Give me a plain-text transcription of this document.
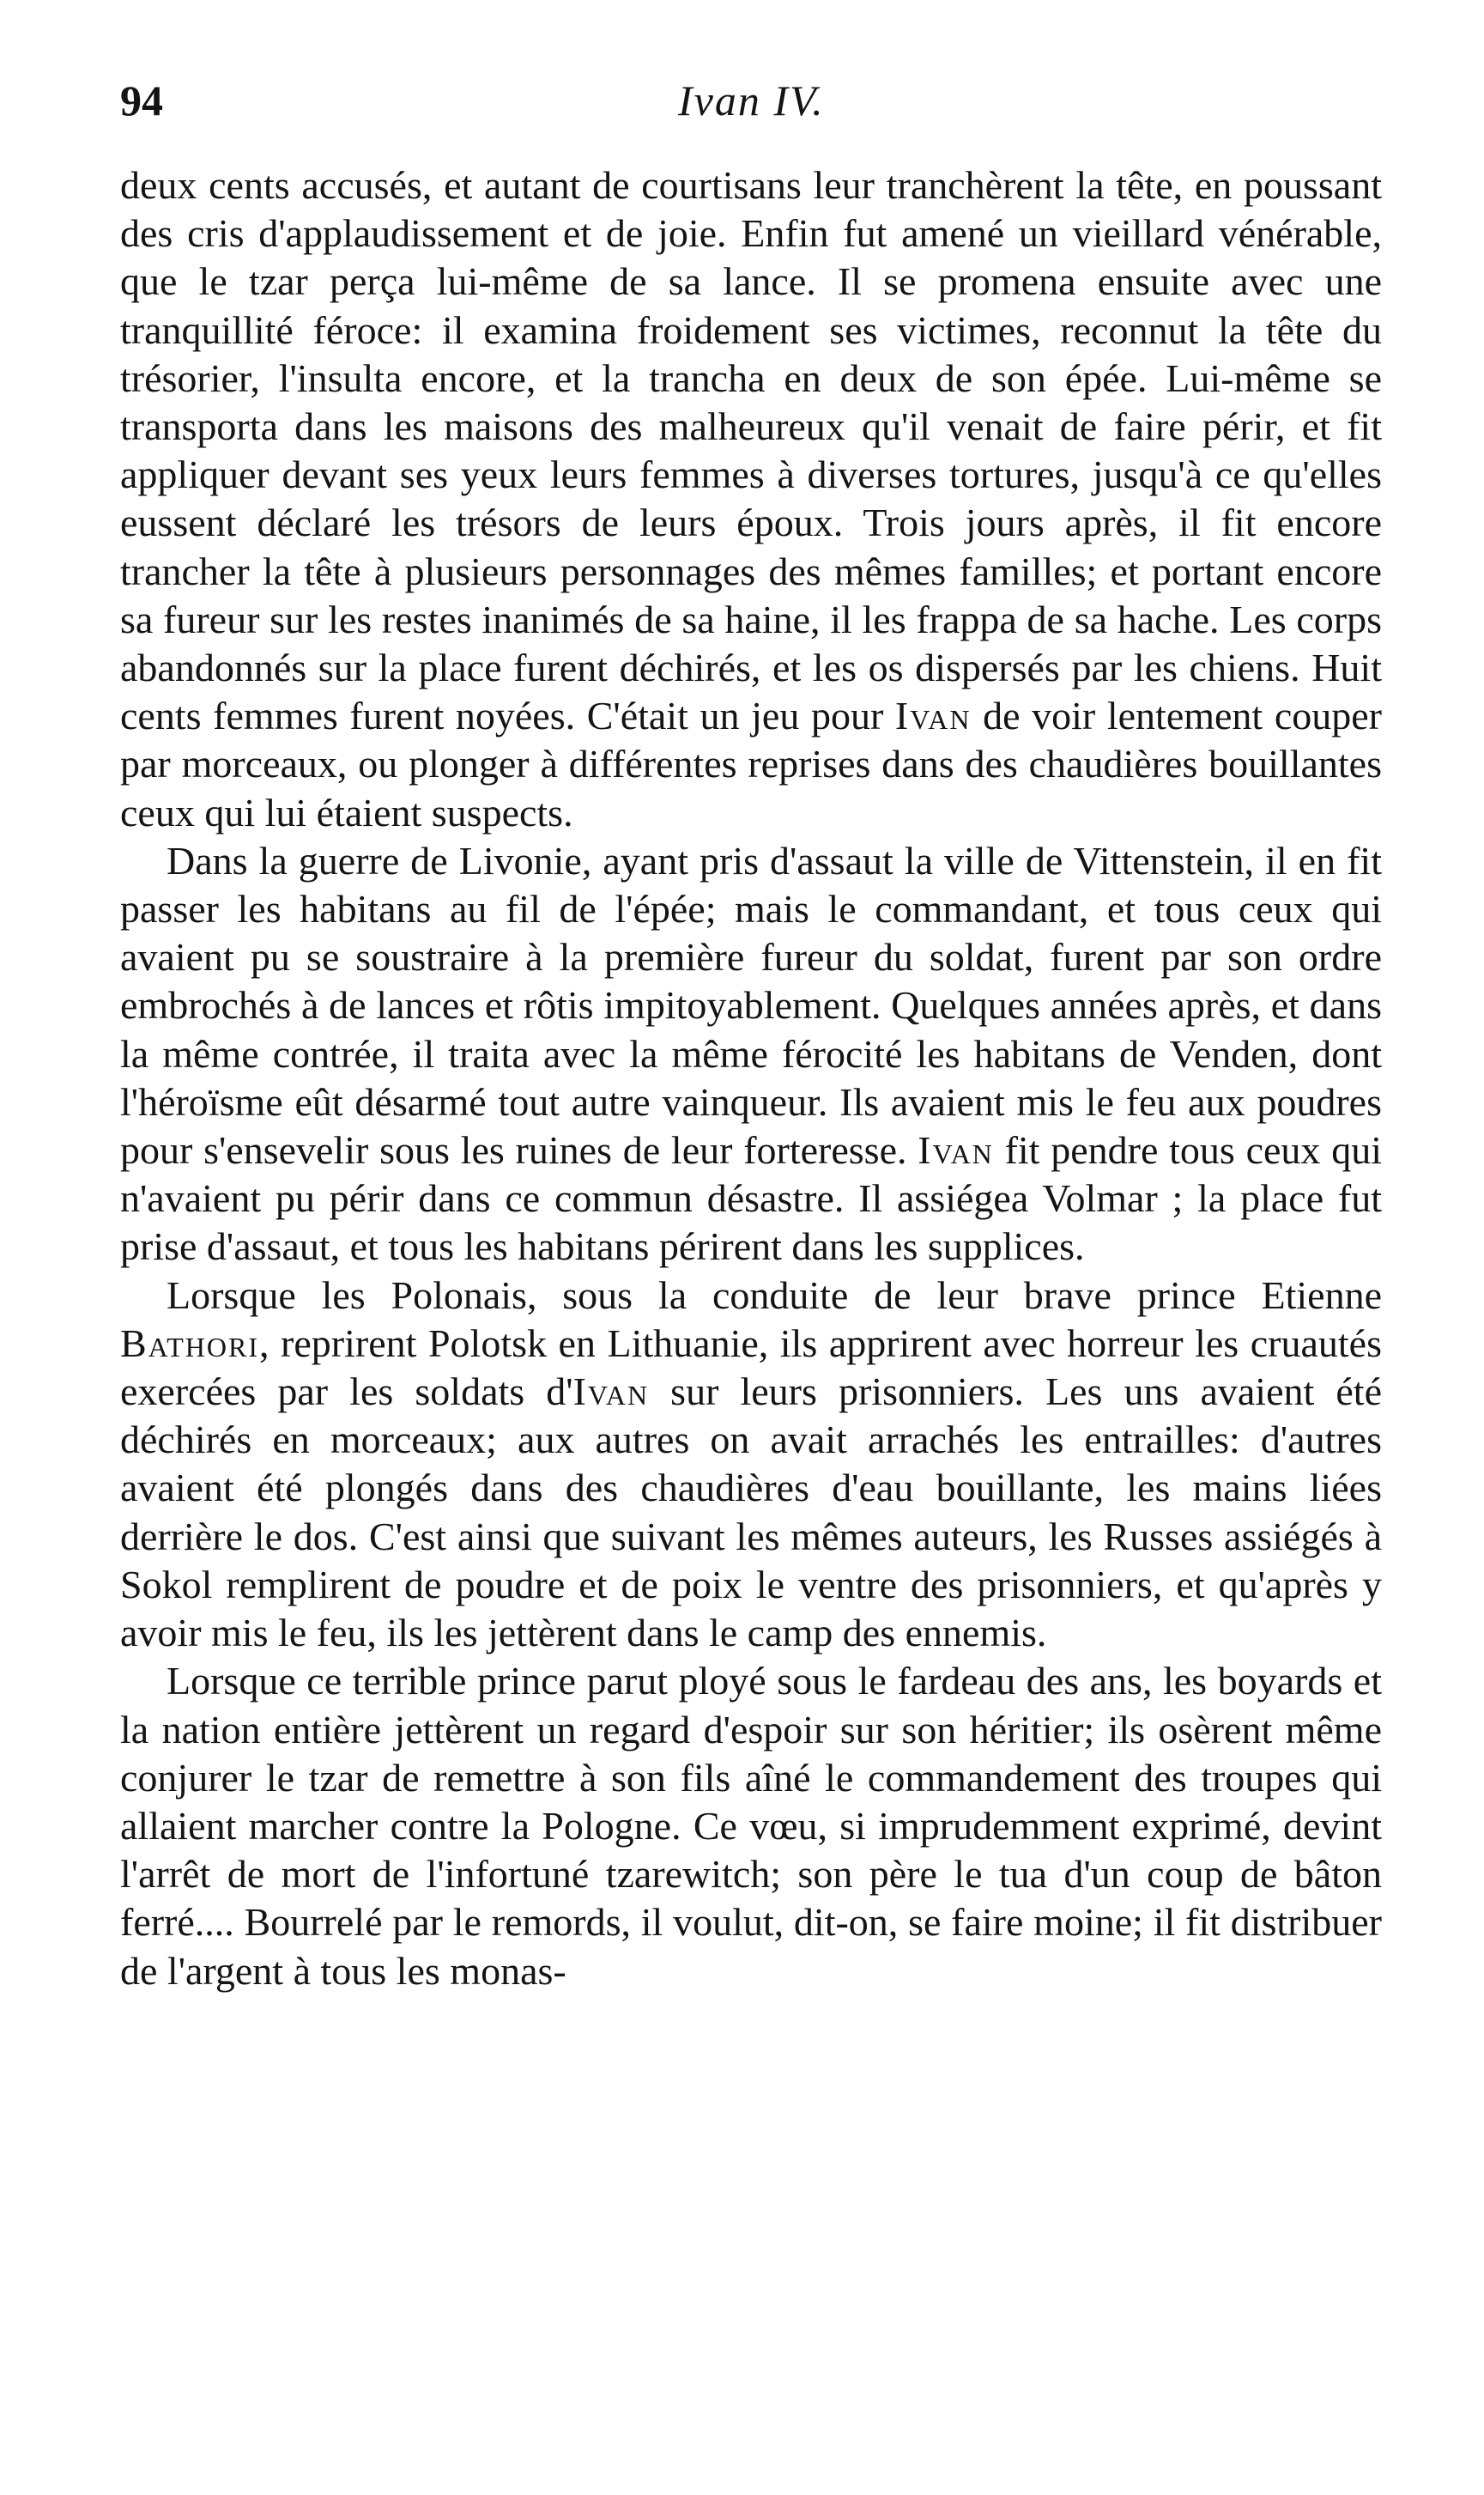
94	Ivan IV.

deux cents accusés, et autant de courtisans leur tranchèrent la tête, en poussant des cris d'applaudissement et de joie. Enfin fut amené un vieillard vénérable, que le tzar perça lui-même de sa lance. Il se promena ensuite avec une tranquillité féroce: il examina froidement ses victimes, reconnut la tête du trésorier, l'insulta encore, et la trancha en deux de son épée. Lui-même se transporta dans les maisons des malheureux qu'il venait de faire périr, et fit appliquer devant ses yeux leurs femmes à diverses tortures, jusqu'à ce qu'elles eussent déclaré les trésors de leurs époux. Trois jours après, il fit encore trancher la tête à plusieurs personnages des mêmes familles; et portant encore sa fureur sur les restes inanimés de sa haine, il les frappa de sa hache. Les corps abandonnés sur la place furent déchirés, et les os dispersés par les chiens. Huit cents femmes furent noyées. C'était un jeu pour Ivan de voir lentement couper par morceaux, ou plonger à différentes reprises dans des chaudières bouillantes ceux qui lui étaient suspects.

Dans la guerre de Livonie, ayant pris d'assaut la ville de Vittenstein, il en fit passer les habitans au fil de l'épée; mais le commandant, et tous ceux qui avaient pu se soustraire à la première fureur du soldat, furent par son ordre embrochés à de lances et rôtis impitoyablement. Quelques années après, et dans la même contrée, il traita avec la même férocité les habitans de Venden, dont l'héroïsme eût désarmé tout autre vainqueur. Ils avaient mis le feu aux poudres pour s'ensevelir sous les ruines de leur forteresse. Ivan fit pendre tous ceux qui n'avaient pu périr dans ce commun désastre. Il assiégea Volmar ; la place fut prise d'assaut, et tous les habitans périrent dans les supplices.

Lorsque les Polonais, sous la conduite de leur brave prince Etienne Bathori, reprirent Polotsk en Lithuanie, ils apprirent avec horreur les cruautés exercées par les soldats d'Ivan sur leurs prisonniers. Les uns avaient été déchirés en morceaux; aux autres on avait arrachés les entrailles: d'autres avaient été plongés dans des chaudières d'eau bouillante, les mains liées derrière le dos. C'est ainsi que suivant les mêmes auteurs, les Russes assiégés à Sokol remplirent de poudre et de poix le ventre des prisonniers, et qu'après y avoir mis le feu, ils les jettèrent dans le camp des ennemis.

Lorsque ce terrible prince parut ployé sous le fardeau des ans, les boyards et la nation entière jettèrent un regard d'espoir sur son héritier; ils osèrent même conjurer le tzar de remettre à son fils aîné le commandement des troupes qui allaient marcher contre la Pologne. Ce vœu, si imprudemment exprimé, devint l'arrêt de mort de l'infortuné tzarewitch; son père le tua d'un coup de bâton ferré.... Bourrelé par le remords, il voulut, dit-on, se faire moine; il fit distribuer de l'argent à tous les monas-
